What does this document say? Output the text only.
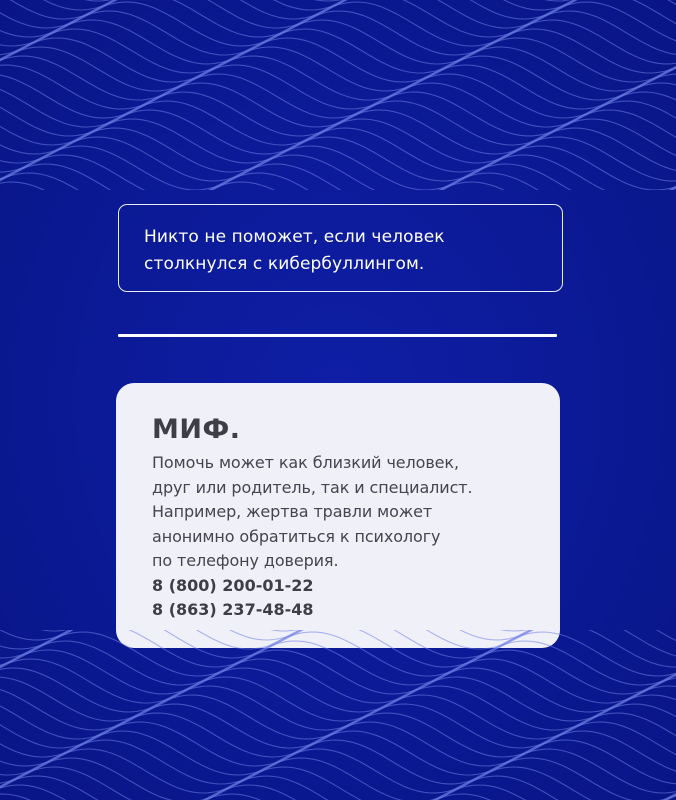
Никто не поможет, если человек
столкнулся с кибербуллингом.
МИФ.
Помочь может как близкий человек,
друг или родитель, так и специалист.
Например, жертва травли может
анонимно обратиться к психологу
по телефону доверия.
8 (800) 200-01-22
8 (863) 237-48-48
